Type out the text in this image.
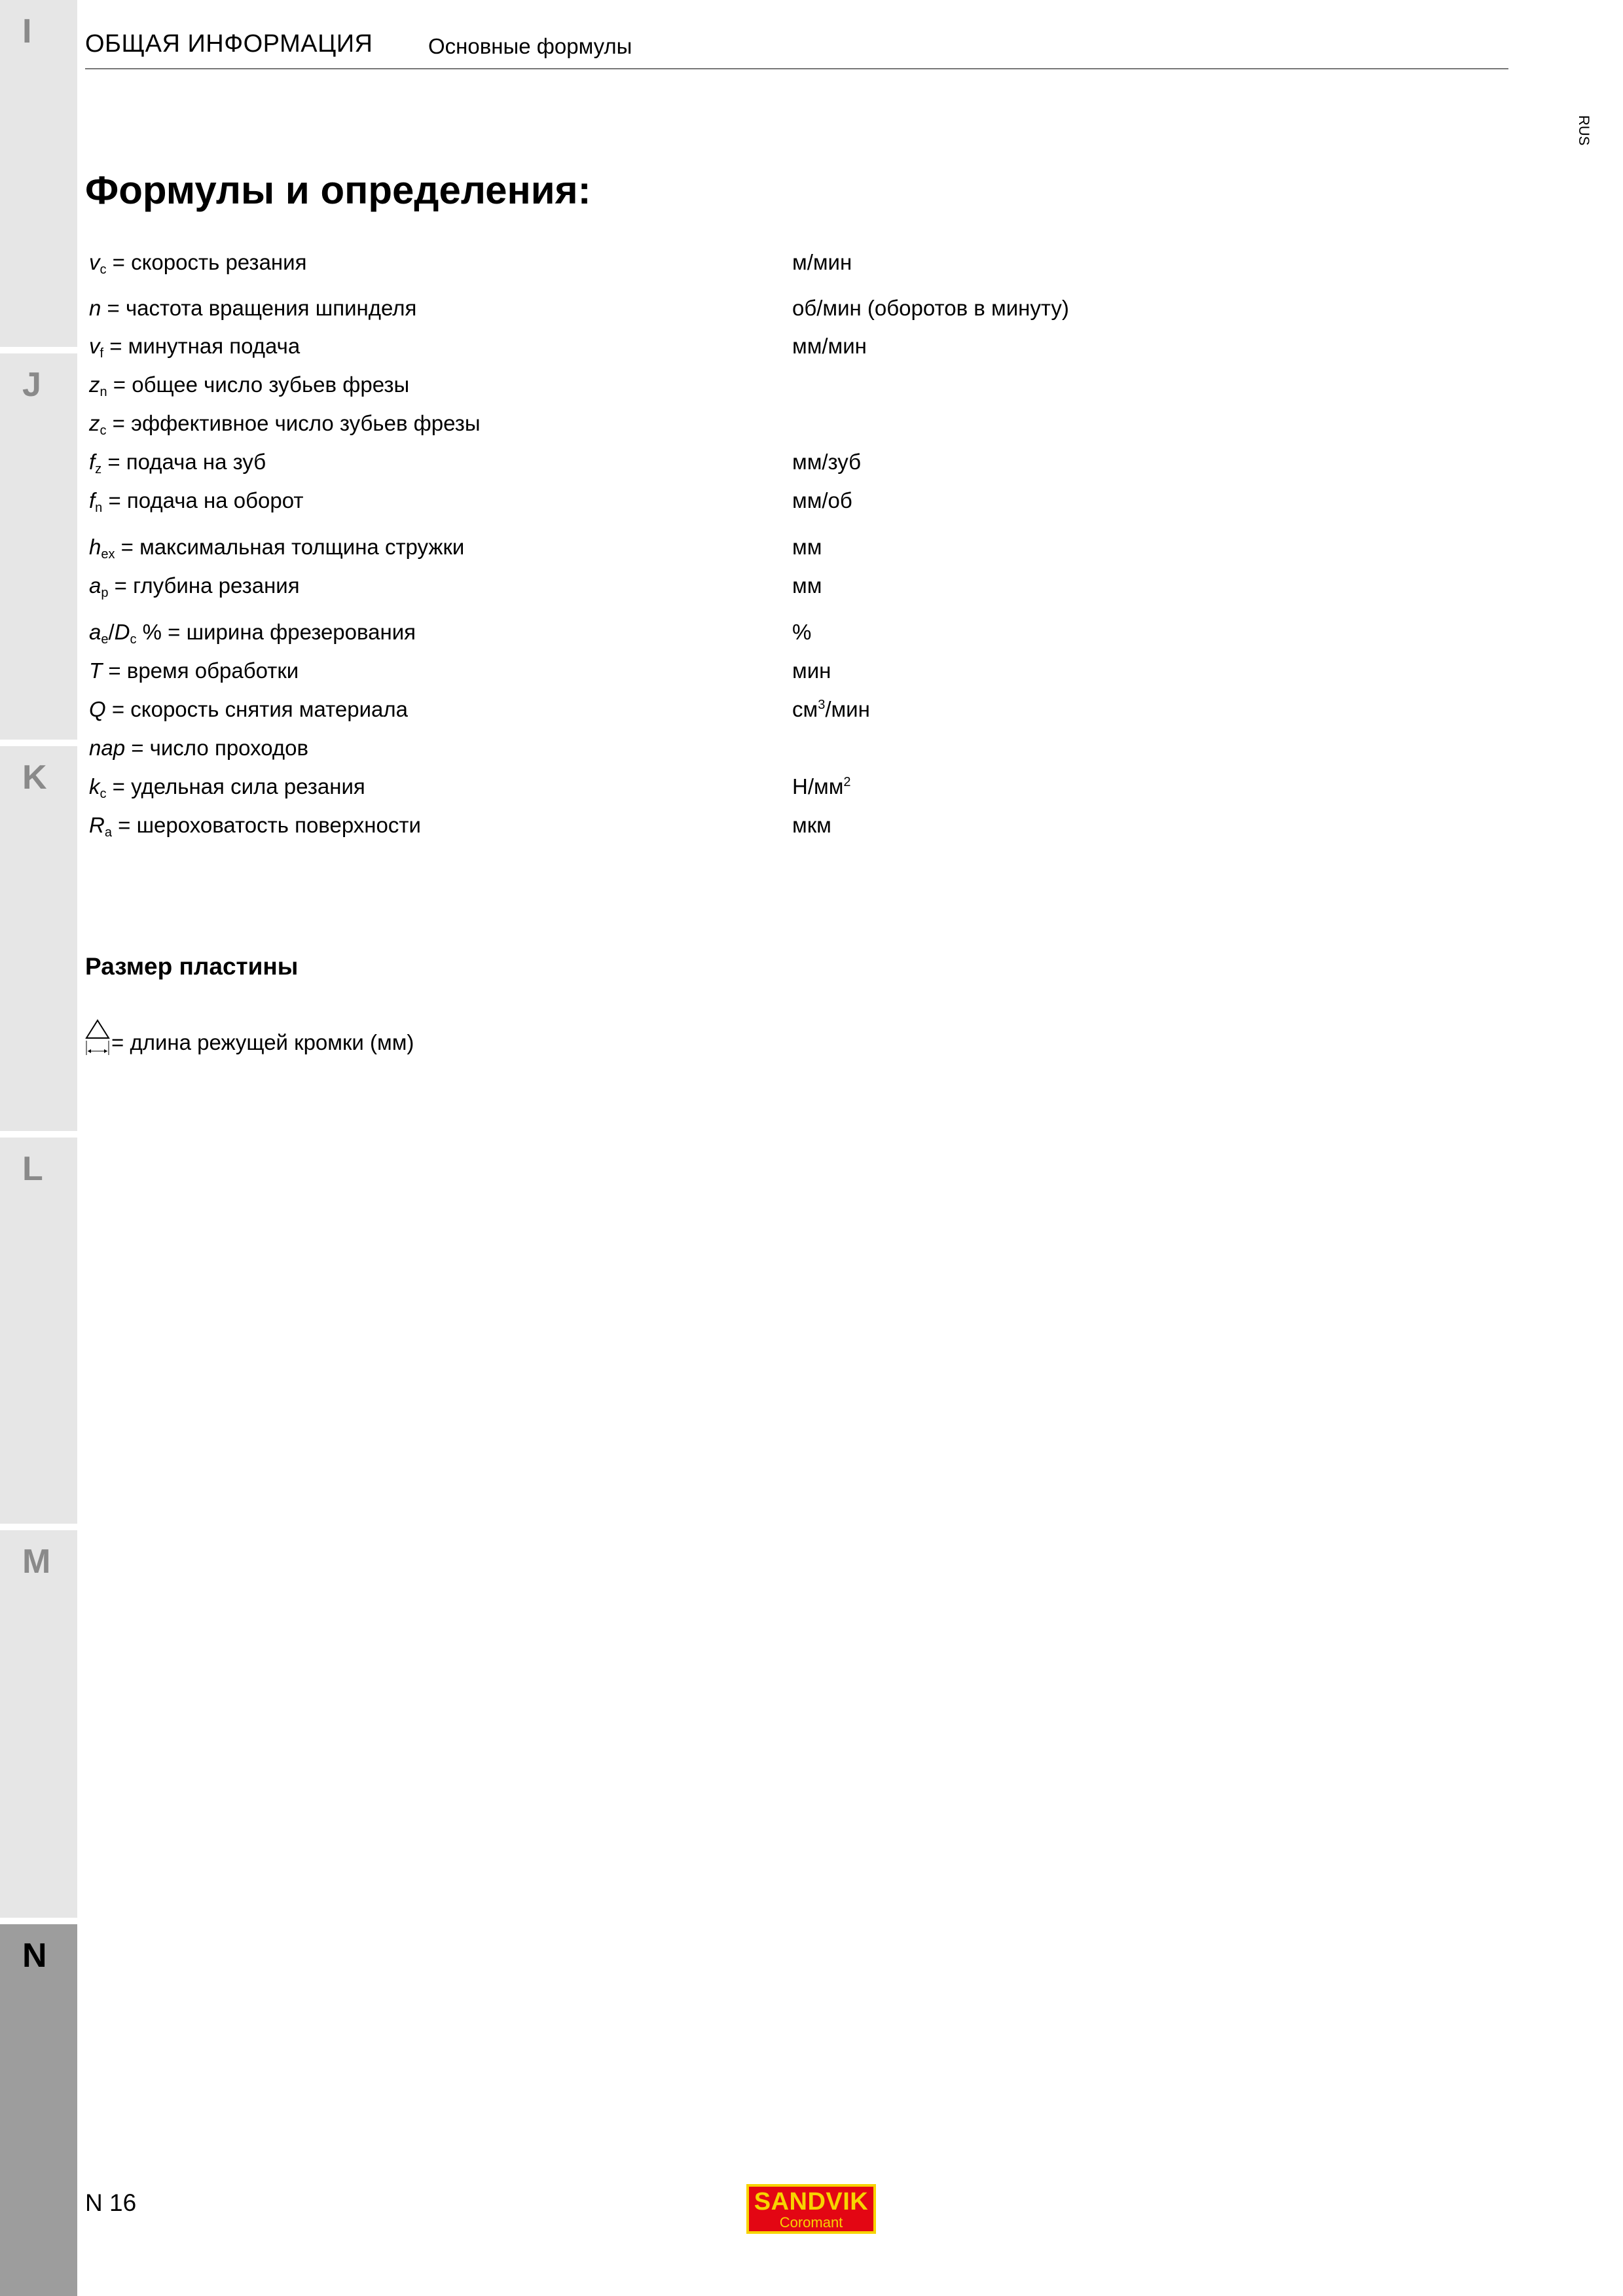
I
J
K
L
M
N
ОБЩАЯ ИНФОРМАЦИЯ	Основные формулы
RUS
Формулы и определения:
$v_c$ = скорость резания	м/мин
n = частота вращения шпинделя	об/мин (оборотов в минуту)
$v_f$ = минутная подача	мм/мин
$z_n$ = общее число зубьев фрезы
$z_c$ = эффективное число зубьев фрезы
$f_z$ = подача на зуб	мм/зуб
$f_n$ = подача на оборот	мм/об
$h_{ex}$ = максимальная толщина стружки	мм
$a_p$ = глубина резания	мм
$a_e/D_c$ % = ширина фрезерования	%
T = время обработки	мин
Q = скорость снятия материала	$см^3$/мин
nap = число проходов
$k_c$ = удельная сила резания	$Н/мм^2$
$R_a$ = шероховатость поверхности	мкм
Размер пластины
= длина режущей кромки (мм)
N 16	SANDVIK
Coromant
